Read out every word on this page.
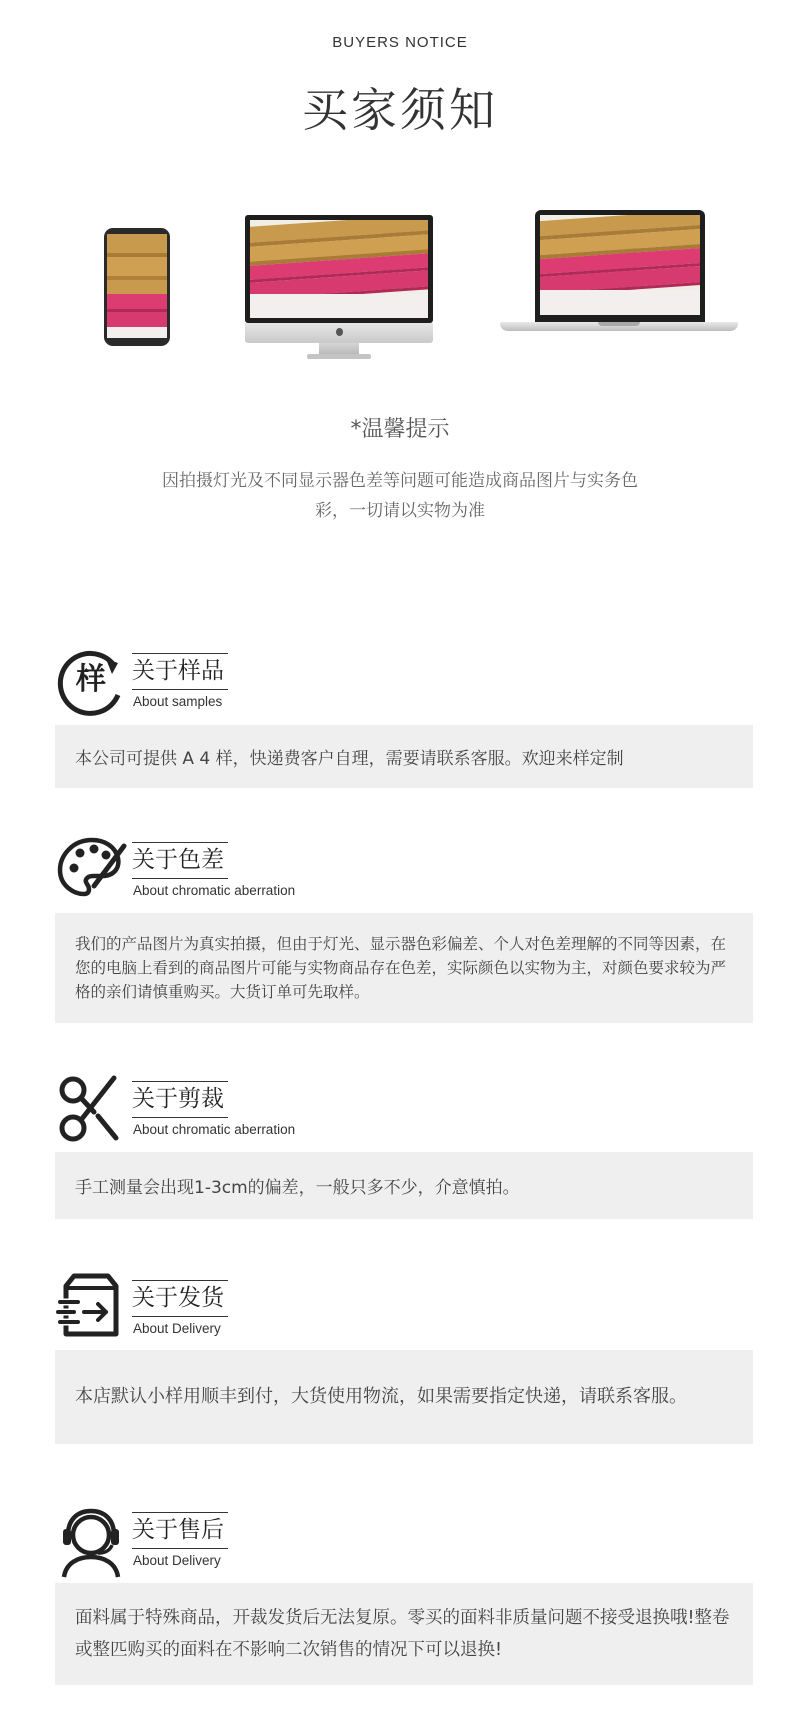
BUYERS NOTICE
买家须知
*温馨提示
因拍摄灯光及不同显示器色差等问题可能造成商品图片与实务色彩，一切请以实物为准
样	关于样品
About samples
本公司可提供 A 4 样，快递费客户自理，需要请联系客服。欢迎来样定制
关于色差
About chromatic aberration
我们的产品图片为真实拍摄，但由于灯光、显示器色彩偏差、个人对色差理解的不同等因素，在您的电脑上看到的商品图片可能与实物商品存在色差，实际颜色以实物为主，对颜色要求较为严格的亲们请慎重购买。大货订单可先取样。
关于剪裁
About chromatic aberration
手工测量会出现1-3cm的偏差，一般只多不少，介意慎拍。
关于发货
About Delivery
本店默认小样用顺丰到付，大货使用物流，如果需要指定快递，请联系客服。
关于售后
About Delivery
面料属于特殊商品，开裁发货后无法复原。零买的面料非质量问题不接受退换哦!整卷或整匹购买的面料在不影响二次销售的情况下可以退换!
